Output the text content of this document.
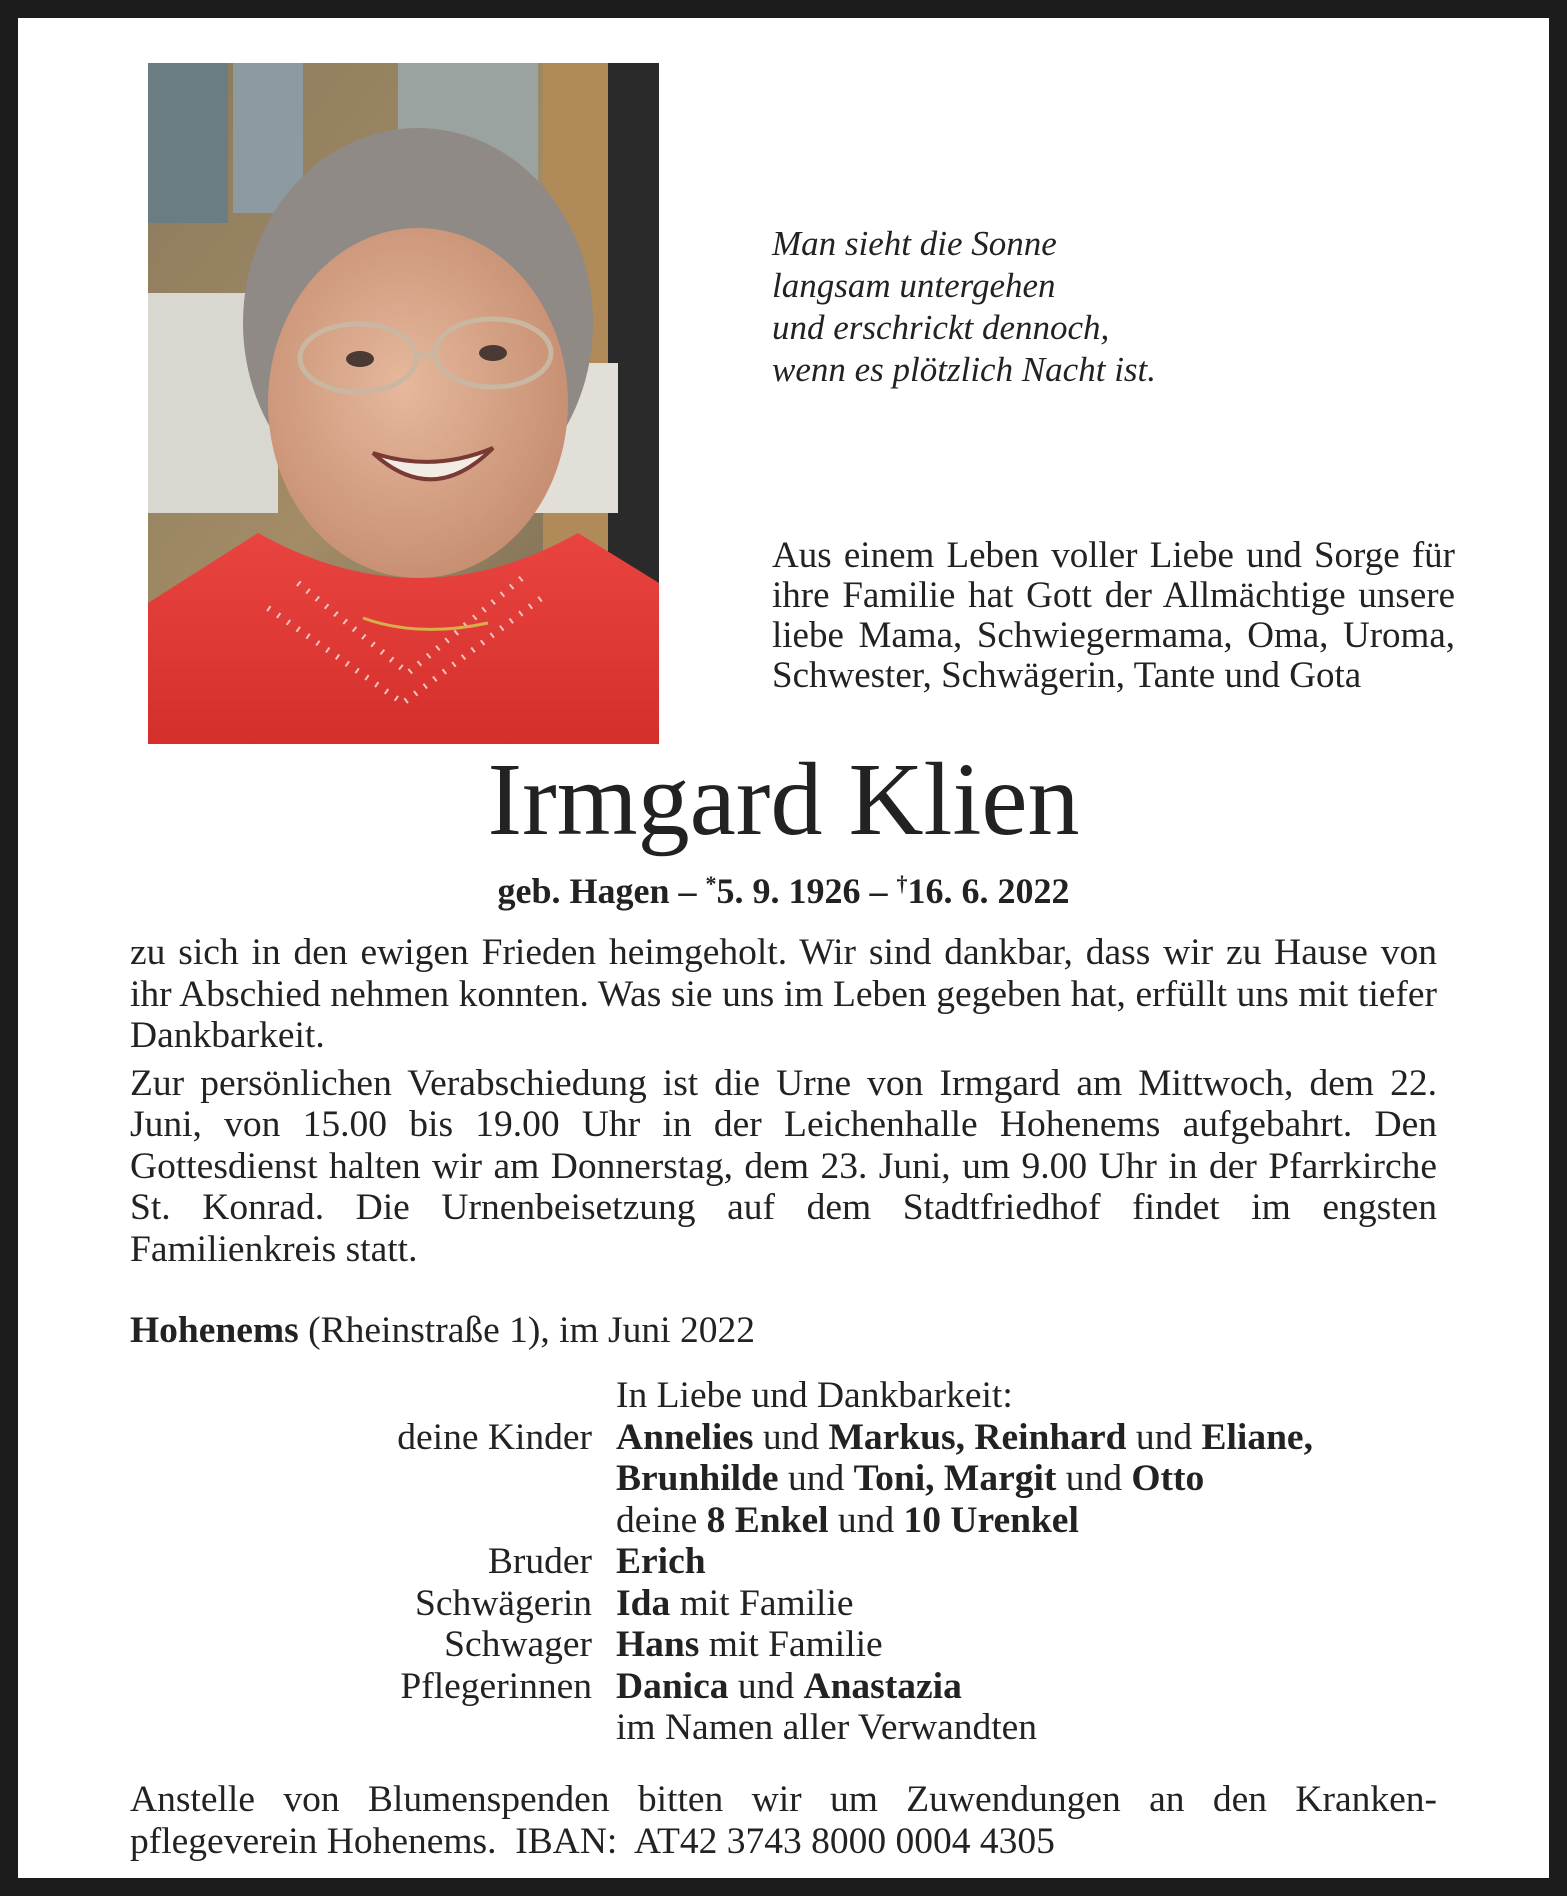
Man sieht die Sonne
langsam untergehen
und erschrickt dennoch,
wenn es plötzlich Nacht ist.
Aus einem Leben voller Liebe und Sorge für ihre Familie hat Gott der Allmächtige unsere liebe Mama, Schwiegermama, Oma, Uroma, Schwester, Schwägerin, Tante und Gota
Irmgard Klien
geb. Hagen – *5. 9. 1926 – †16. 6. 2022

zu sich in den ewigen Frieden heimgeholt. Wir sind dankbar, dass wir zu Hause von ihr Abschied nehmen konnten. Was sie uns im Leben gegeben hat, erfüllt uns mit tiefer Dankbarkeit.

Zur persönlichen Verabschiedung ist die Urne von Irmgard am Mittwoch, dem 22. Juni, von 15.00 bis 19.00 Uhr in der Leichenhalle Hohenems aufgebahrt. Den Gottesdienst halten wir am Donnerstag, dem 23. Juni, um 9.00 Uhr in der Pfarrkirche St. Konrad. Die Urnenbeisetzung auf dem Stadtfriedhof findet im engsten Familienkreis statt.

Hohenems (Rheinstraße 1), im Juni 2022
In Liebe und Dankbarkeit:
deine Kinder Annelies und Markus, Reinhard und Eliane,
Brunhilde und Toni, Margit und Otto
deine 8 Enkel und 10 Urenkel
Bruder Erich
Schwägerin Ida mit Familie
Schwager Hans mit Familie
Pflegerinnen Danica und Anastazia
im Namen aller Verwandten
Anstelle von Blumenspenden bitten wir um Zuwendungen an den Kranken-
pflegeverein Hohenems.  IBAN:  AT42 3743 8000 0004 4305
